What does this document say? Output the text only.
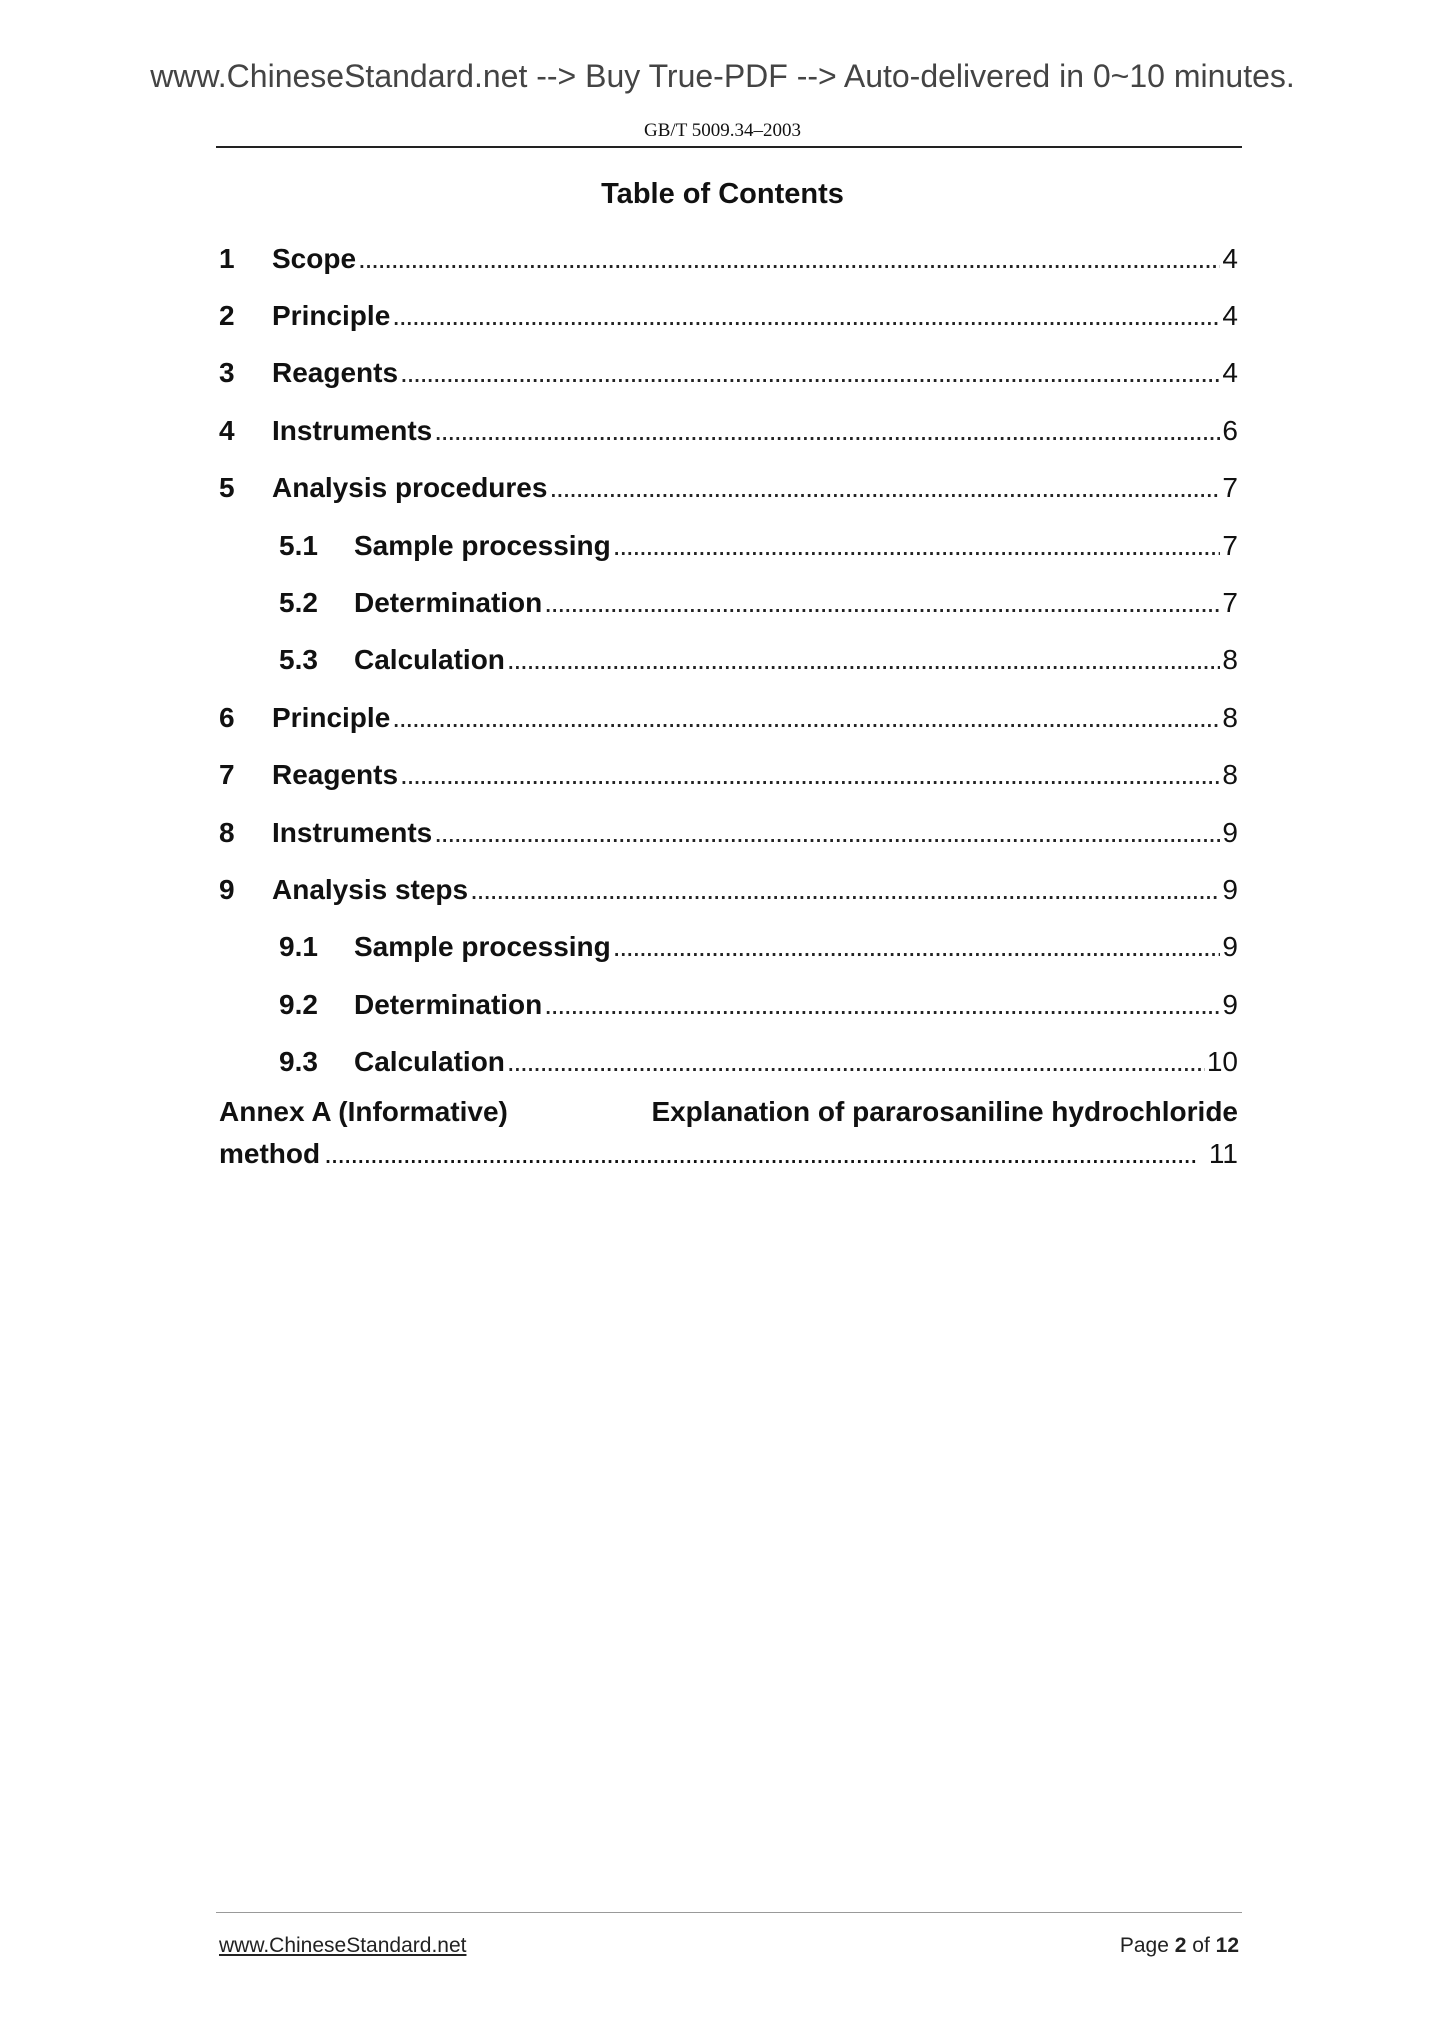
www.ChineseStandard.net --> Buy True-PDF --> Auto-delivered in 0~10 minutes.
GB/T 5009.34–2003
Table of Contents
1	Scope . . .	4
2	Principle . . .	4
3	Reagents . . .	4
4	Instruments . . .	6
5	Analysis procedures . . .	7
5.1	Sample processing . . .	7
5.2	Determination . . .	7
5.3	Calculation . . .	8
6	Principle . . .	8
7	Reagents . . .	8
8	Instruments . . .	9
9	Analysis steps . . .	9
9.1	Sample processing . . .	9
9.2	Determination . . .	9
9.3	Calculation . . .	10
Annex A (Informative)	Explanation of pararosaniline hydrochloride
method . . .	11
www.ChineseStandard.net	Page 2 of 12
